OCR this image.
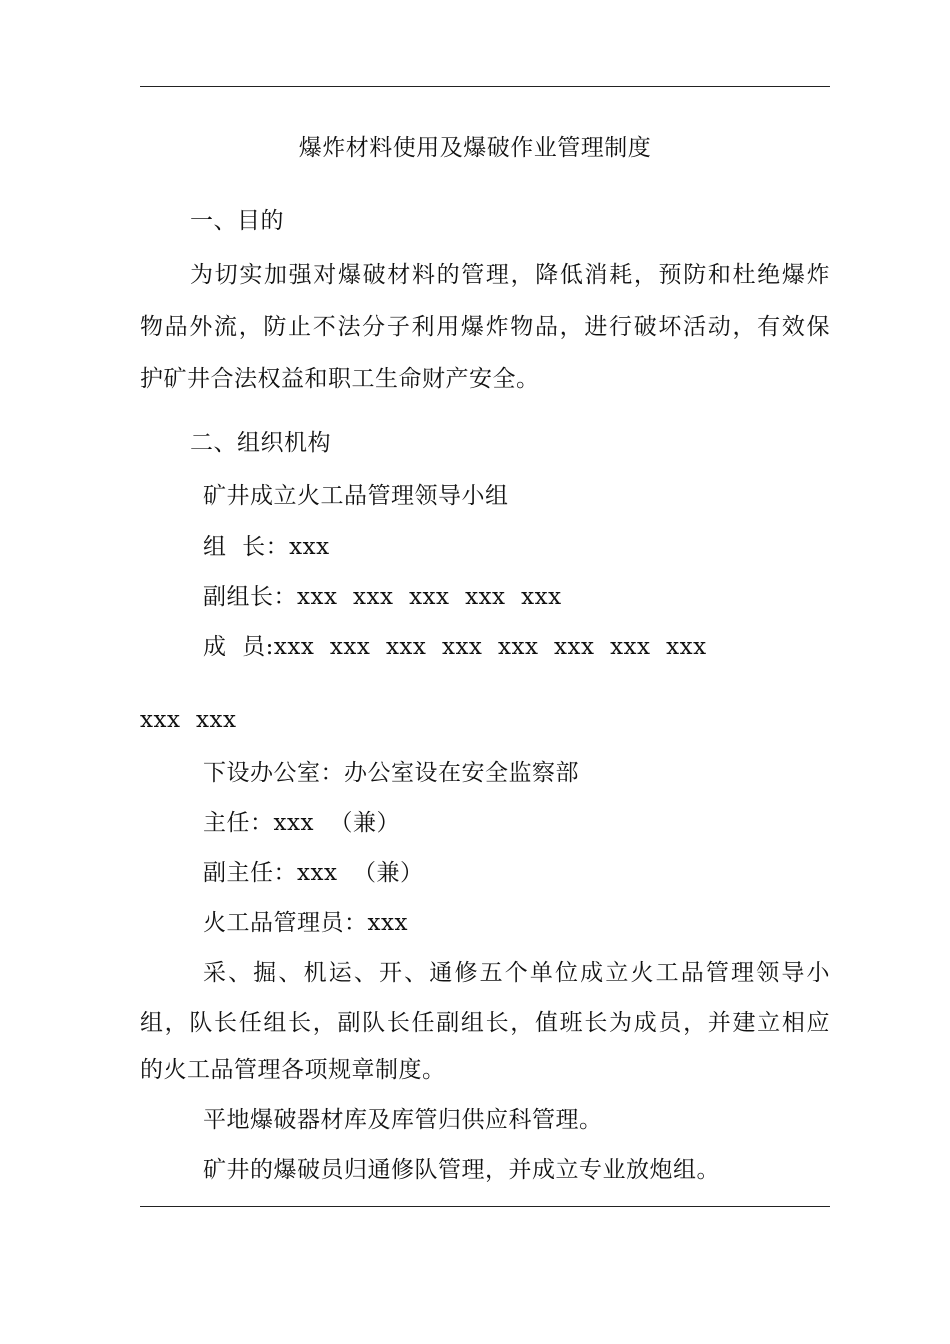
爆炸材料使用及爆破作业管理制度
一、目的
为切实加强对爆破材料的管理，降低消耗，预防和杜绝爆炸
物品外流，防止不法分子利用爆炸物品，进行破坏活动，有效保
护矿井合法权益和职工生命财产安全。
二、组织机构
矿井成立火工品管理领导小组
组  长：xxx
副组长：xxx  xxx  xxx  xxx  xxx
成  员:xxx  xxx  xxx  xxx  xxx  xxx  xxx  xxx
xxx  xxx
下设办公室：办公室设在安全监察部
主任：xxx  （兼）
副主任：xxx  （兼）
火工品管理员：xxx
采、掘、机运、开、通修五个单位成立火工品管理领导小
组，队长任组长，副队长任副组长，值班长为成员，并建立相应
的火工品管理各项规章制度。
平地爆破器材库及库管归供应科管理。
矿井的爆破员归通修队管理，并成立专业放炮组。
